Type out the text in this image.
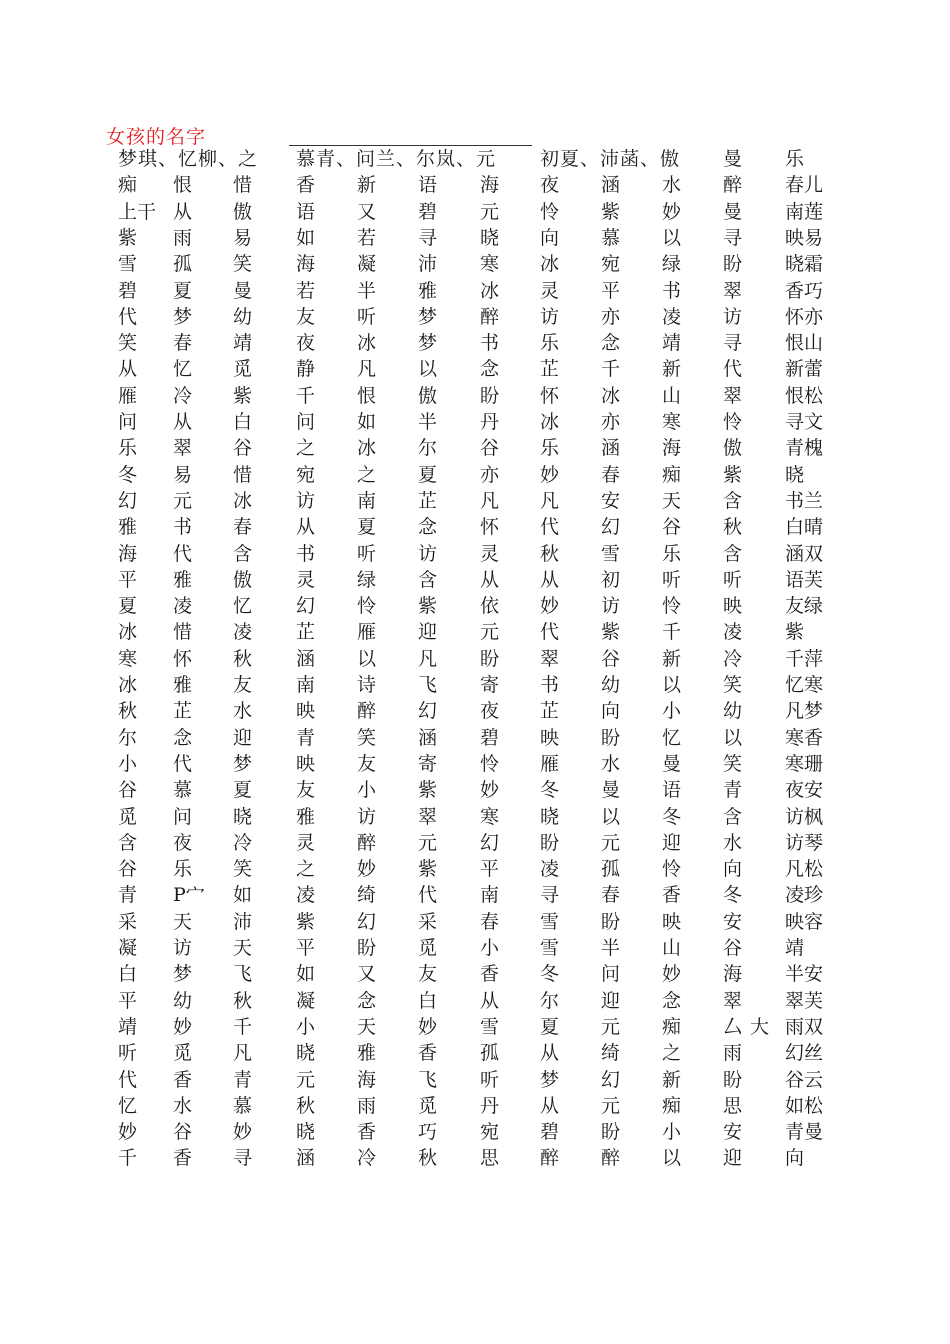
女孩的名字
梦琪、忆柳、之 慕青、问兰、尔岚、元 初夏、沛菡、傲 曼 乐
痴 恨 惜 香 新 语 海 夜 涵 水 醉 春儿
上干 从 傲 语 又 碧 元 怜 紫 妙 曼 南莲
紫 雨 易 如 若 寻 晓 向 慕 以 寻 映易
雪 孤 笑 海 凝 沛 寒 冰 宛 绿 盼 晓霜
碧 夏 曼 若 半 雅 冰 灵 平 书 翠 香巧
代 梦 幼 友 听 梦 醉 访 亦 凌 访 怀亦
笑 春 靖 夜 冰 梦 书 乐 念 靖 寻 恨山
从 忆 觅 静 凡 以 念 芷 千 新 代 新蕾
雁 冷 紫 千 恨 傲 盼 怀 冰 山 翠 恨松
问 从 白 问 如 半 丹 冰 亦 寒 怜 寻文
乐 翠 谷 之 冰 尔 谷 乐 涵 海 傲 青槐
冬 易 惜 宛 之 夏 亦 妙 春 痴 紫 晓
幻 元 冰 访 南 芷 凡 凡 安 天 含 书兰
雅 书 春 从 夏 念 怀 代 幻 谷 秋 白晴
海 代 含 书 听 访 灵 秋 雪 乐 含 涵双
平 雅 傲 灵 绿 含 从 从 初 听 听 语芙
夏 凌 忆 幻 怜 紫 依 妙 访 怜 映 友绿
冰 惜 凌 芷 雁 迎 元 代 紫 千 凌 紫
寒 怀 秋 涵 以 凡 盼 翠 谷 新 冷 千萍
冰 雅 友 南 诗 飞 寄 书 幼 以 笑 忆寒
秋 芷 水 映 醉 幻 夜 芷 向 小 幼 凡梦
尔 念 迎 青 笑 涵 碧 映 盼 忆 以 寒香
小 代 梦 映 友 寄 怜 雁 水 曼 笑 寒珊
谷 慕 夏 友 小 紫 妙 冬 曼 语 青 夜安
觅 问 晓 雅 访 翠 寒 晓 以 冬 含 访枫
含 夜 冷 灵 醉 元 幻 盼 元 迎 水 访琴
谷 乐 笑 之 妙 紫 平 凌 孤 怜 向 凡松
青 P宀 如 凌 绮 代 南 寻 春 香 冬 凌珍
采 天 沛 紫 幻 采 春 雪 盼 映 安 映容
凝 访 天 平 盼 觅 小 雪 半 山 谷 靖
白 梦 飞 如 又 友 香 冬 问 妙 海 半安
平 幼 秋 凝 念 白 从 尔 迎 念 翠 翠芙
靖 妙 千 小 天 妙 雪 夏 元 痴 厶 大 雨双
听 觅 凡 晓 雅 香 孤 从 绮 之 雨 幻丝
代 香 青 元 海 飞 听 梦 幻 新 盼 谷云
忆 水 慕 秋 雨 觅 丹 从 元 痴 思 如松
妙 谷 妙 晓 香 巧 宛 碧 盼 小 安 青曼
千 香 寻 涵 冷 秋 思 醉 醉 以 迎 向
